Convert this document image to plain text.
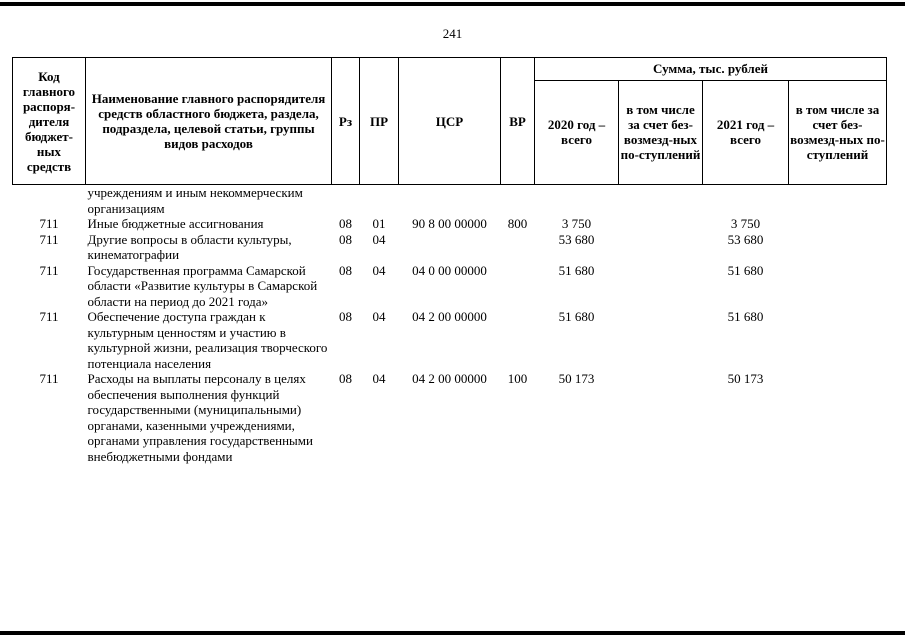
241
Код главного распоря-дителя бюджет-ных средств	Наименование главного распорядителя средств областного бюджета, раздела, подраздела, целевой статьи, группы видов расходов	Рз	ПР	ЦСР	ВР	Сумма, тыс. рублей			
						2020 год – всего	в том числе за счет без-возмезд-ных по-ступлений	2021 год – всего	в том числе за счет без-возмезд-ных по-ступлений
	учреждениям и иным некоммерческим организациям								
711	Иные бюджетные ассигнования	08	01	90 8 00 00000	800	3 750		3 750	
711	Другие вопросы в области культуры, кинематографии	08	04			53 680		53 680	
711	Государственная программа Самарской области «Развитие культуры в Самарской области на период до 2021 года»	08	04	04 0 00 00000		51 680		51 680	
711	Обеспечение доступа граждан к культурным ценностям и участию в культурной жизни, реализация творческого потенциала населения	08	04	04 2 00 00000		51 680		51 680	
711	Расходы на выплаты персоналу в целях обеспечения выполнения функций государственными (муниципальными) органами, казенными учреждениями, органами управления государственными внебюджетными фондами	08	04	04 2 00 00000	100	50 173		50 173	
